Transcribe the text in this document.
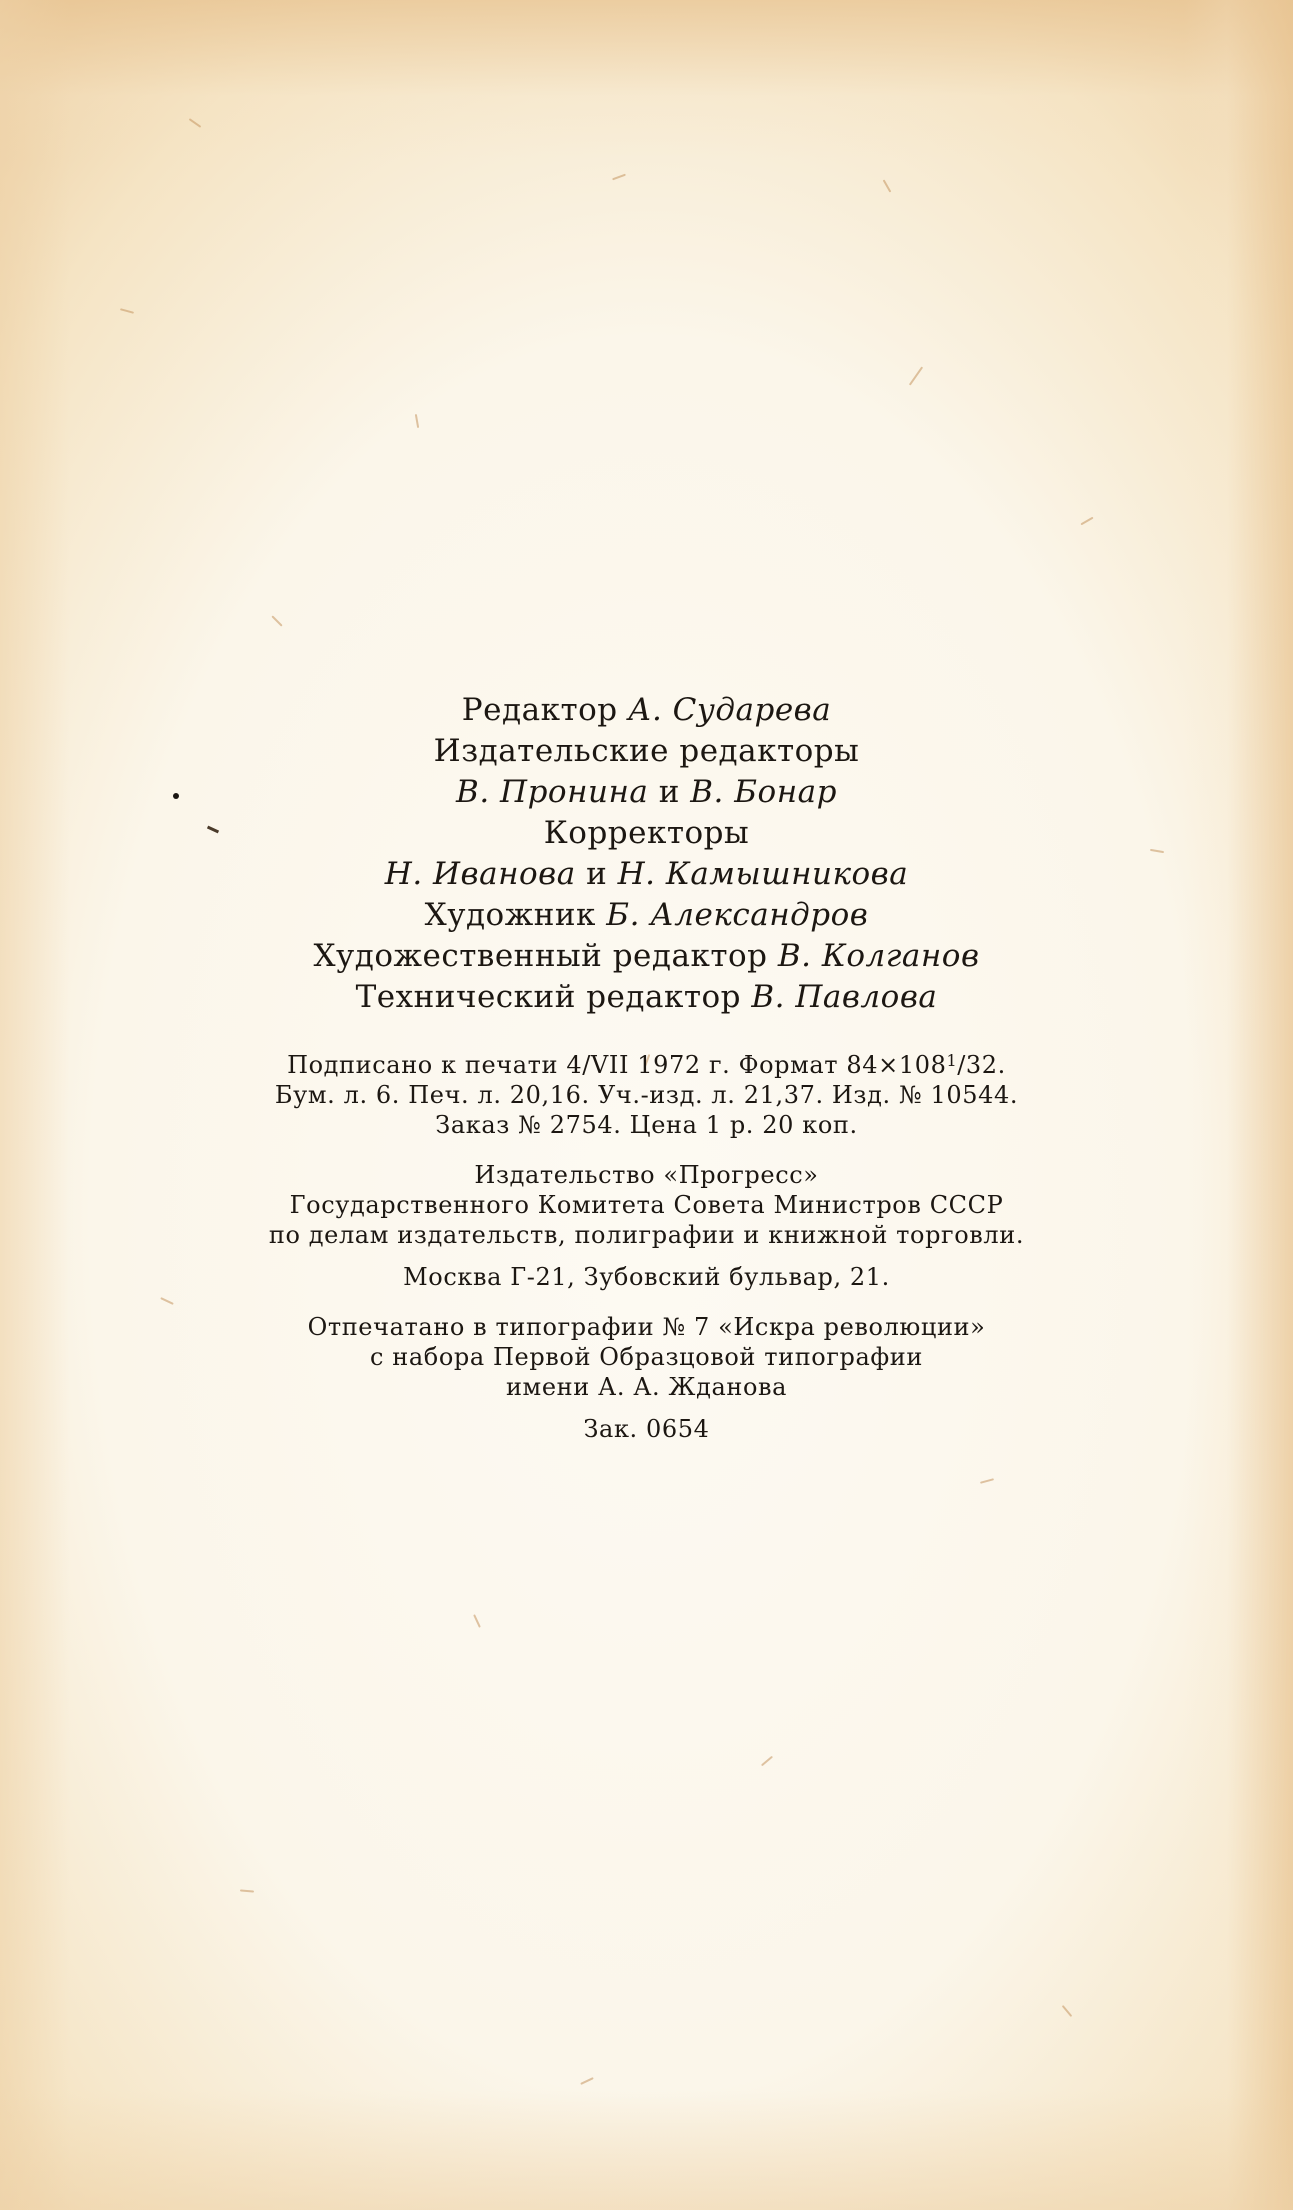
Редактор А. Сударева
Издательские редакторы
В. Пронина и В. Бонар
Корректоры
Н. Иванова и Н. Камышникова
Художник Б. Александров
Художественный редактор В. Колганов
Технический редактор В. Павлова
Подписано к печати 4/VII 1972 г. Формат $84\times 108^1/32$.
Бум. л. 6. Печ. л. 20,16. Уч.-изд. л. 21,37. Изд. № 10544.
Заказ № 2754. Цена 1 р. 20 коп.
Издательство «Прогресс»
Государственного Комитета Совета Министров СССР
по делам издательств, полиграфии и книжной торговли.
Москва Г-21, Зубовский бульвар, 21.
Отпечатано в типографии № 7 «Искра революции»
с набора Первой Образцовой типографии
имени А. А. Жданова
Зак. 0654
